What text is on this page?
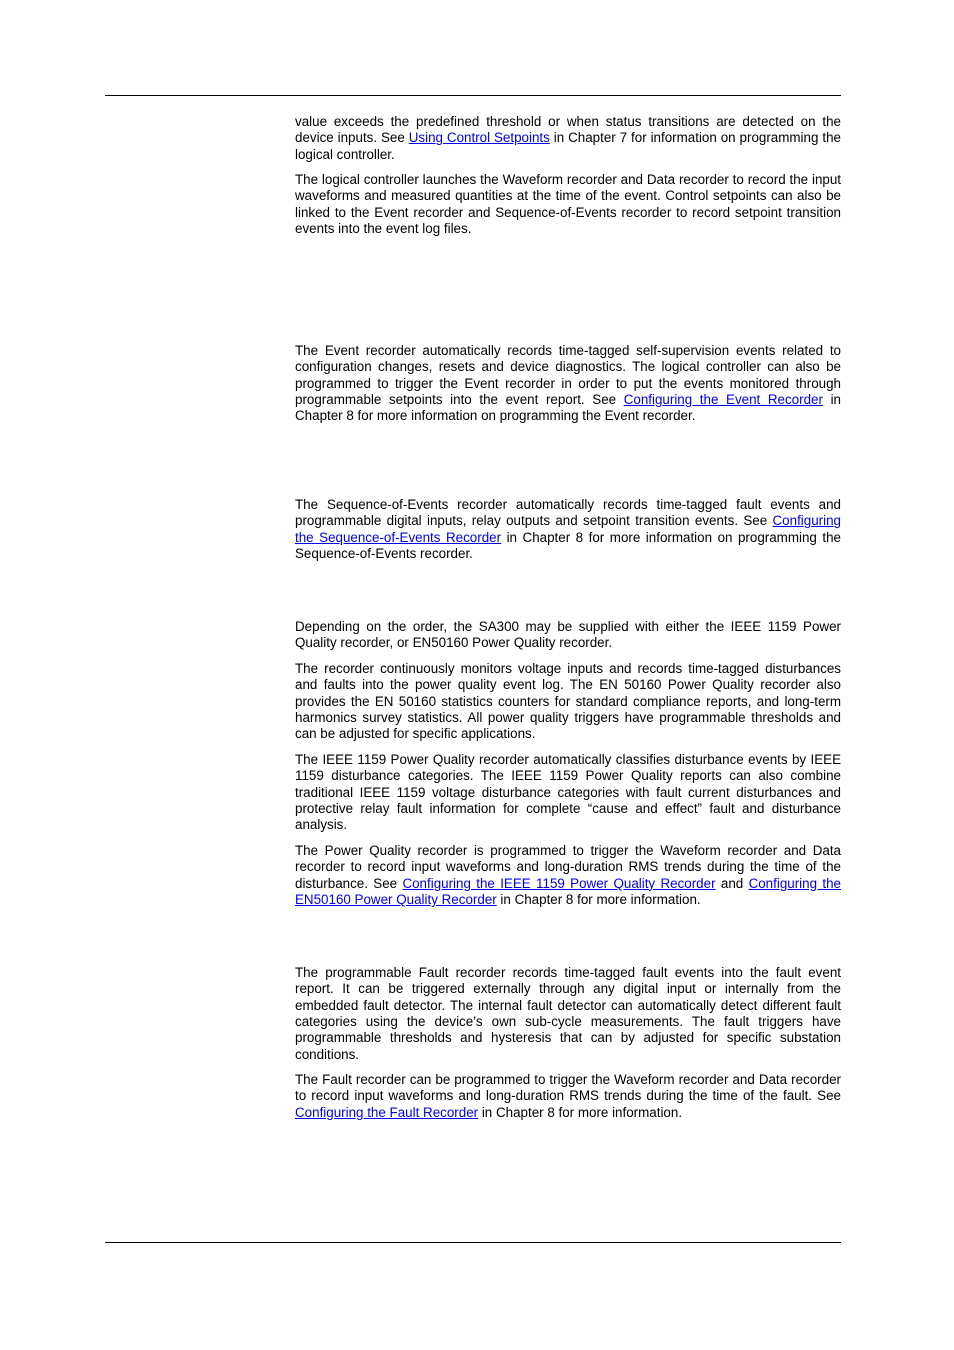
value exceeds the predefined threshold or when status transitions are detected on the device inputs. See Using Control Setpoints in Chapter 7 for information on programming the logical controller.

The logical controller launches the Waveform recorder and Data recorder to record the input waveforms and measured quantities at the time of the event. Control setpoints can also be linked to the Event recorder and Sequence-of-Events recorder to record setpoint transition events into the event log files.

The Event recorder automatically records time-tagged self-supervision events related to configuration changes, resets and device diagnostics. The logical controller can also be programmed to trigger the Event recorder in order to put the events monitored through programmable setpoints into the event report. See Configuring the Event Recorder in Chapter 8 for more information on programming the Event recorder.

The Sequence-of-Events recorder automatically records time-tagged fault events and programmable digital inputs, relay outputs and setpoint transition events. See Configuring the Sequence-of-Events Recorder in Chapter 8 for more information on programming the Sequence-of-Events recorder.

Depending on the order, the SA300 may be supplied with either the IEEE 1159 Power Quality recorder, or EN50160 Power Quality recorder.

The recorder continuously monitors voltage inputs and records time-tagged disturbances and faults into the power quality event log. The EN 50160 Power Quality recorder also provides the EN 50160 statistics counters for standard compliance reports, and long-term harmonics survey statistics. All power quality triggers have programmable thresholds and can be adjusted for specific applications.

The IEEE 1159 Power Quality recorder automatically classifies disturbance events by IEEE 1159 disturbance categories. The IEEE 1159 Power Quality reports can also combine traditional IEEE 1159 voltage disturbance categories with fault current disturbances and protective relay fault information for complete “cause and effect” fault and disturbance analysis.

The Power Quality recorder is programmed to trigger the Waveform recorder and Data recorder to record input waveforms and long-duration RMS trends during the time of the disturbance. See Configuring the IEEE 1159 Power Quality Recorder and Configuring the EN50160 Power Quality Recorder in Chapter 8 for more information.

The programmable Fault recorder records time-tagged fault events into the fault event report. It can be triggered externally through any digital input or internally from the embedded fault detector. The internal fault detector can automatically detect different fault categories using the device’s own sub-cycle measurements. The fault triggers have programmable thresholds and hysteresis that can by adjusted for specific substation conditions.

The Fault recorder can be programmed to trigger the Waveform recorder and Data recorder to record input waveforms and long-duration RMS trends during the time of the fault. See Configuring the Fault Recorder in Chapter 8 for more information.
